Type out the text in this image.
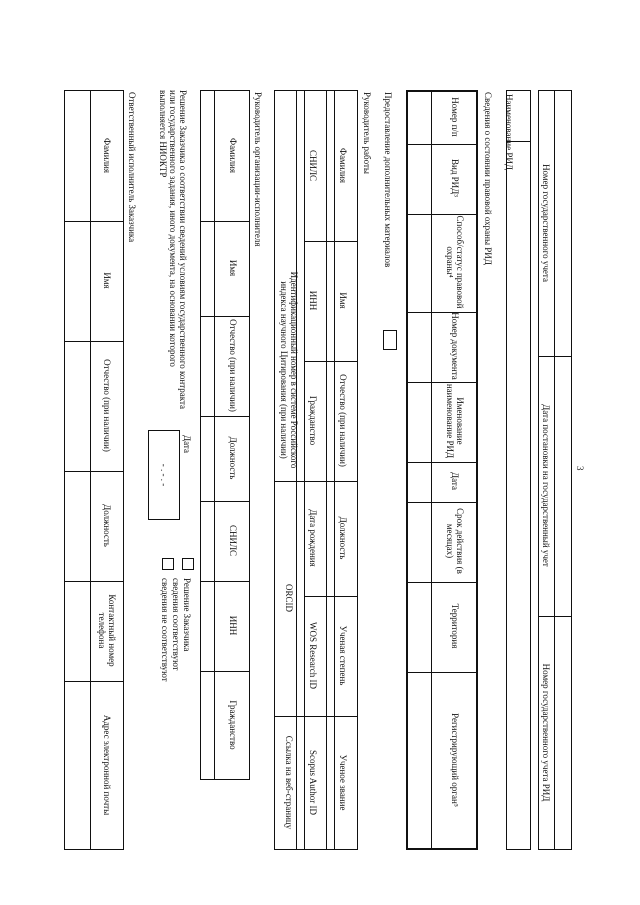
3
Номер государственного учета
Дата постановки на государственный учет
Номер государственного учета РИД
Наименование РИД
Сведения о состоянии правовой охраны РИД
Номер п/п
Вид РИД³
Способ/статус правовой охраны⁴
Номер документа
Именование наименование РИД
Дата
Срок действия (в месяцах)
Территория
Регистрирующий орган⁵
Предоставление дополнительных материалов
Руководитель работы
Фамилия
Имя
Отчество (при наличии)
Должность
Ученая степень
Ученое звание
СНИЛС
ИНН
Гражданство
Дата рождения
WOS Research ID
Scopus Author ID
Идентификационный номер в системе Российского индекса научного Цитирования (при наличии)
ORCID
Ссылка на веб-страницу
Руководитель организации-исполнителя
Фамилия
Имя
Отчество (при наличии)
Должность
СНИЛС
ИНН
Гражданство
Решение Заказчика о соответствии сведений условиям государственного контракта или государственного задания, иного документа, на основании которого выполняется НИОКТР
Дата
- . - . -
Решение Заказчика
сведения соответствуют
сведения не соответствуют
Ответственный исполнитель Заказчика
Фамилия
Имя
Отчество (при наличии)
Должность
Контактный номер телефона
Адрес электронной почты
